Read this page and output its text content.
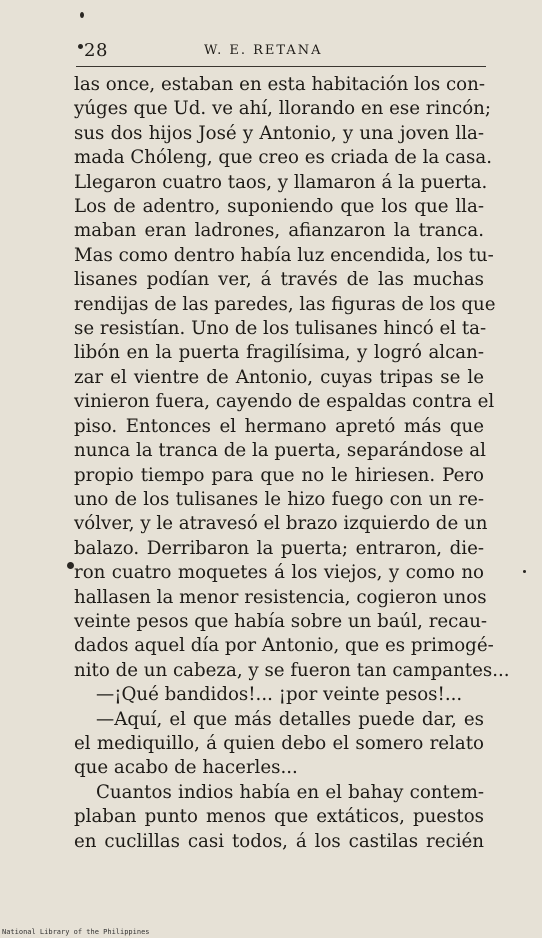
28	W. E. RETANA
las once, estaban en esta habitación los con-
yúges que Ud. ve ahí, llorando en ese rincón;
sus dos hijos José y Antonio, y una joven lla-
mada Chóleng, que creo es criada de la casa.
Llegaron cuatro taos, y llamaron á la puerta.
Los de adentro, suponiendo que los que lla-
maban eran ladrones, afianzaron la tranca.
Mas como dentro había luz encendida, los tu-
lisanes podían ver, á través de las muchas
rendijas de las paredes, las figuras de los que
se resistían. Uno de los tulisanes hincó el ta-
libón en la puerta fragilísima, y logró alcan-
zar el vientre de Antonio, cuyas tripas se le
vinieron fuera, cayendo de espaldas contra el
piso. Entonces el hermano apretó más que
nunca la tranca de la puerta, separándose al
propio tiempo para que no le hiriesen. Pero
uno de los tulisanes le hizo fuego con un re-
vólver, y le atravesó el brazo izquierdo de un
balazo. Derribaron la puerta; entraron, die-
ron cuatro moquetes á los viejos, y como no
hallasen la menor resistencia, cogieron unos
veinte pesos que había sobre un baúl, recau-
dados aquel día por Antonio, que es primogé-
nito de un cabeza, y se fueron tan campantes...
—¡Qué bandidos!... ¡por veinte pesos!...
—Aquí, el que más detalles puede dar, es
el mediquillo, á quien debo el somero relato
que acabo de hacerles...
Cuantos indios había en el bahay contem-
plaban punto menos que extáticos, puestos
en cuclillas casi todos, á los castilas recién
National Library of the Philippines
